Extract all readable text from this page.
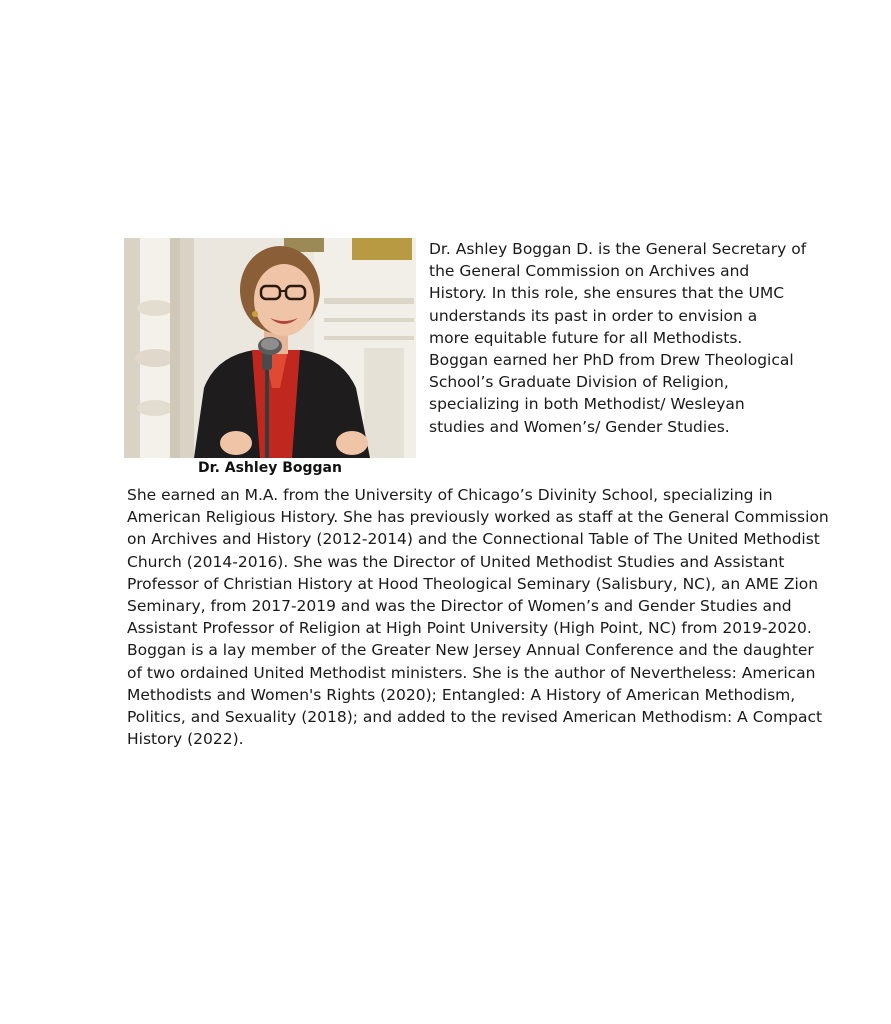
Dr. Ashley Boggan
Dr. Ashley Boggan D. is the General Secretary of
the General Commission on Archives and
History. In this role, she ensures that the UMC
understands its past in order to envision a
more equitable future for all Methodists.
Boggan earned her PhD from Drew Theological
School’s Graduate Division of Religion,
specializing in both Methodist/ Wesleyan
studies and Women’s/ Gender Studies.
She earned an M.A. from the University of Chicago’s Divinity School, specializing in
American Religious History. She has previously worked as staff at the General Commission
on Archives and History (2012-2014) and the Connectional Table of The United Methodist
Church (2014-2016). She was the Director of United Methodist Studies and Assistant
Professor of Christian History at Hood Theological Seminary (Salisbury, NC), an AME Zion
Seminary, from 2017-2019 and was the Director of Women’s and Gender Studies and
Assistant Professor of Religion at High Point University (High Point, NC) from 2019-2020.
Boggan is a lay member of the Greater New Jersey Annual Conference and the daughter
of two ordained United Methodist ministers. She is the author of Nevertheless: American
Methodists and Women's Rights (2020); Entangled: A History of American Methodism,
Politics, and Sexuality (2018); and added to the revised American Methodism: A Compact
History (2022).
